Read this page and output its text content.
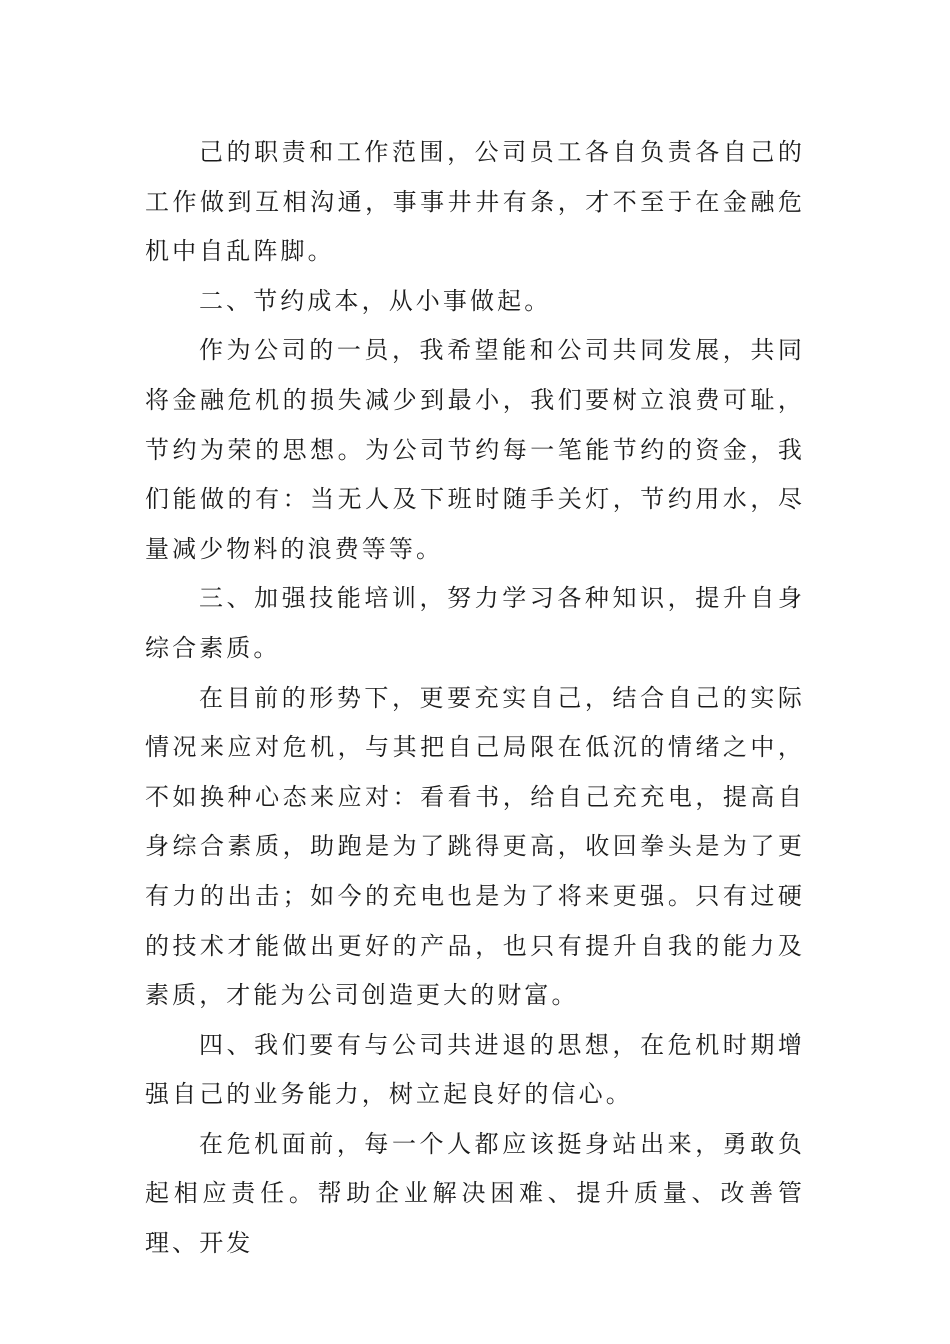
己的职责和工作范围，公司员工各自负责各自己的工作做到互相沟通，事事井井有条，才不至于在金融危机中自乱阵脚。

二、节约成本，从小事做起。

作为公司的一员，我希望能和公司共同发展，共同将金融危机的损失减少到最小，我们要树立浪费可耻，节约为荣的思想。为公司节约每一笔能节约的资金，我们能做的有：当无人及下班时随手关灯，节约用水，尽量减少物料的浪费等等。

三、加强技能培训，努力学习各种知识，提升自身综合素质。

在目前的形势下，更要充实自己，结合自己的实际情况来应对危机，与其把自己局限在低沉的情绪之中，不如换种心态来应对：看看书，给自己充充电，提高自身综合素质，助跑是为了跳得更高，收回拳头是为了更有力的出击；如今的充电也是为了将来更强。只有过硬的技术才能做出更好的产品，也只有提升自我的能力及素质，才能为公司创造更大的财富。

四、我们要有与公司共进退的思想，在危机时期增强自己的业务能力，树立起良好的信心。

在危机面前，每一个人都应该挺身站出来，勇敢负起相应责任。帮助企业解决困难、提升质量、改善管理、开发
